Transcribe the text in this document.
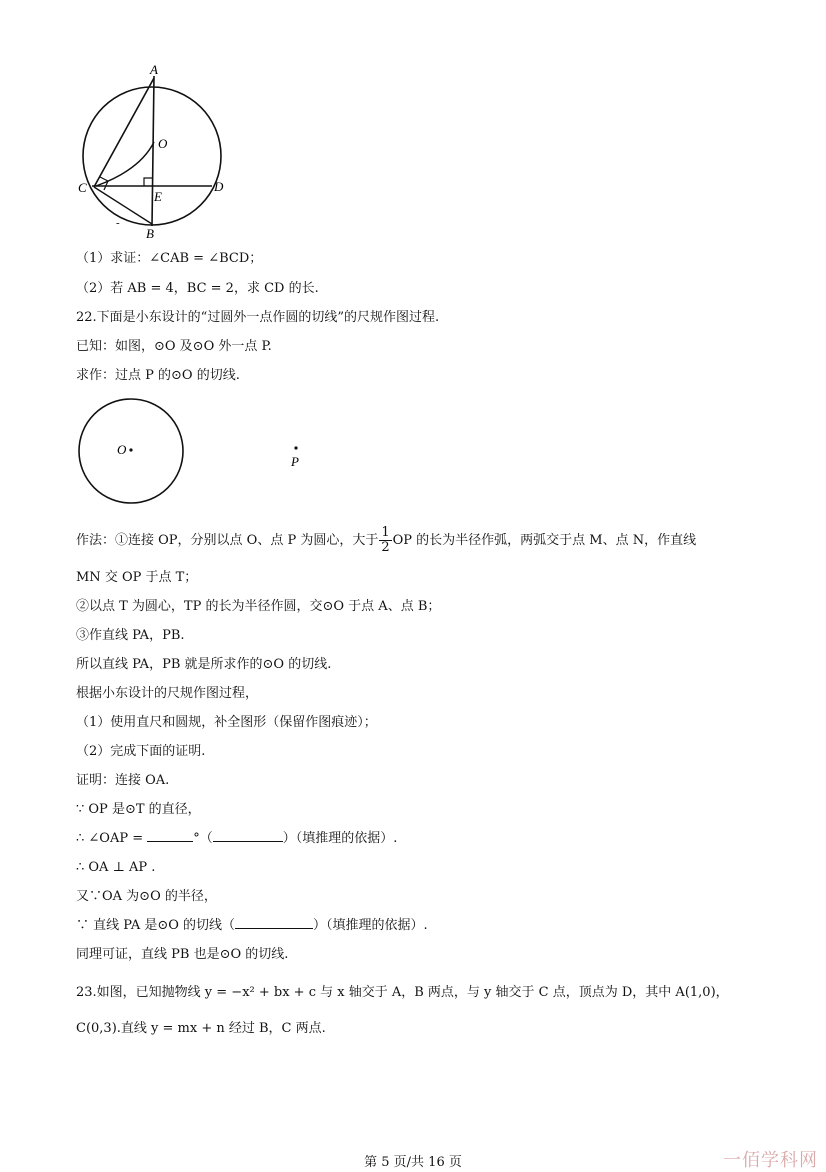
A
O
C	D
E
B
-
（1）求证：∠CAB = ∠BCD；
（2）若 AB = 4，BC = 2，求 CD 的长.
22.下面是小东设计的“过圆外一点作圆的切线”的尺规作图过程.
已知：如图，⊙O 及⊙O 外一点 P.
求作：过点 P 的⊙O 的切线.
O
P
作法：①连接 OP，分别以点 O、点 P 为圆心，大于 $\frac{1}{2}$ OP 的长为半径作弧，两弧交于点 M、点 N，作直线
MN 交 OP 于点 T；
②以点 T 为圆心，TP 的长为半径作圆，交⊙O 于点 A、点 B；
③作直线 PA，PB.
所以直线 PA，PB 就是所求作的⊙O 的切线.
根据小东设计的尺规作图过程，
（1）使用直尺和圆规，补全图形（保留作图痕迹）；
（2）完成下面的证明.
证明：连接 OA.
∵ OP 是⊙T 的直径，
∴ ∠OAP =	°（	）（填推理的依据）.
∴ OA ⊥ AP .
又∵OA 为⊙O 的半径，
∵ 直线 PA 是⊙O 的切线（	）（填推理的依据）.
同理可证，直线 PB 也是⊙O 的切线.
23.如图，已知抛物线 y = −x² + bx + c 与 x 轴交于 A，B 两点，与 y 轴交于 C 点，顶点为 D，其中 A(1,0)，
C(0,3).直线 y = mx + n 经过 B，C 两点.
第 5 页/共 16 页	一佰学科网
